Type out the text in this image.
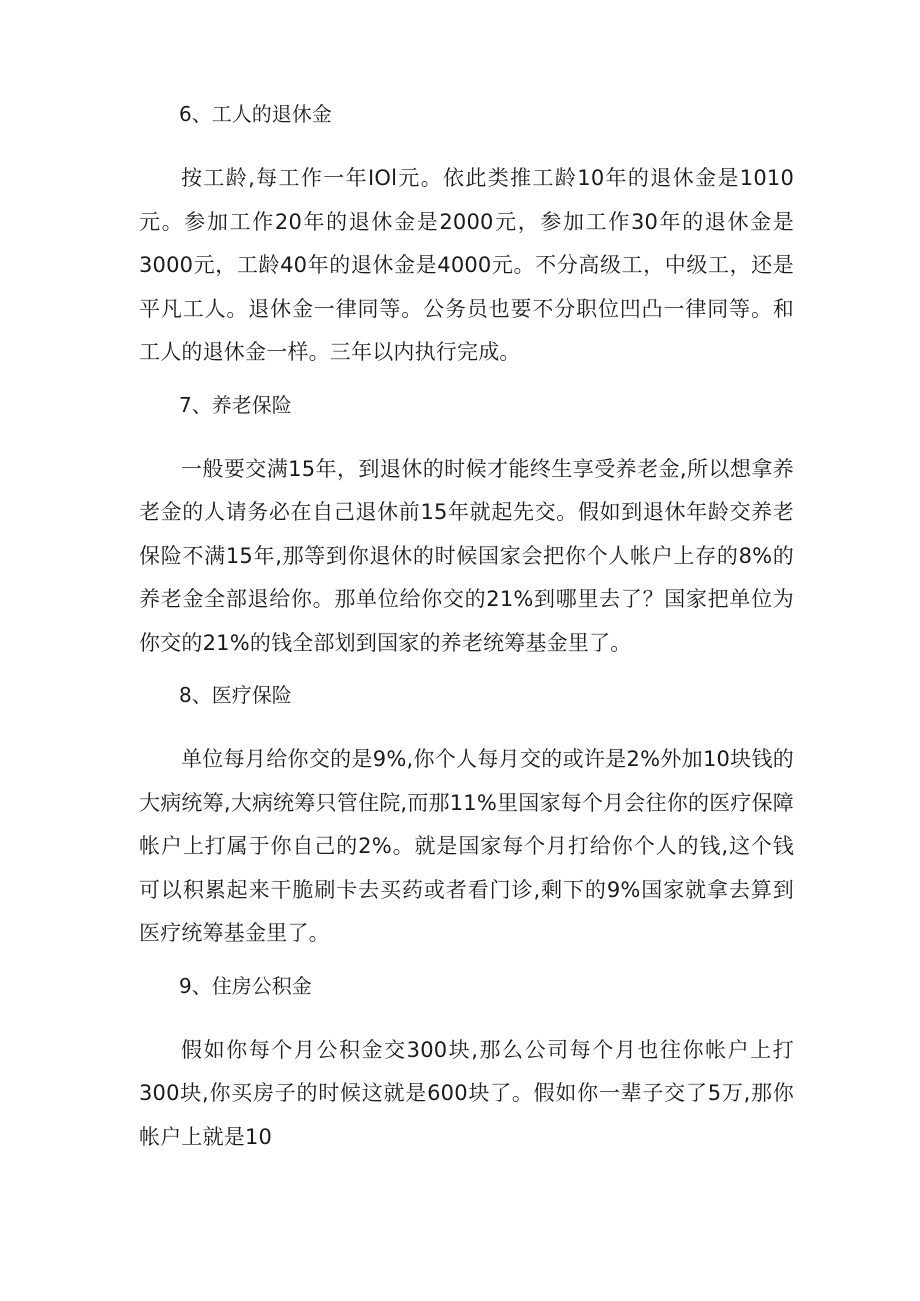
6、工人的退休金

按工龄,每工作一年IOl元。依此类推工龄10年的退休金是1010元。参加工作20年的退休金是2000元，参加工作30年的退休金是3000元，工龄40年的退休金是4000元。不分高级工，中级工，还是平凡工人。退休金一律同等。公务员也要不分职位凹凸一律同等。和工人的退休金一样。三年以内执行完成。

7、养老保险

一般要交满15年，到退休的时候才能终生享受养老金,所以想拿养老金的人请务必在自己退休前15年就起先交。假如到退休年龄交养老保险不满15年,那等到你退休的时候国家会把你个人帐户上存的8%的养老金全部退给你。那单位给你交的21%到哪里去了？国家把单位为你交的21%的钱全部划到国家的养老统筹基金里了。

8、医疗保险

单位每月给你交的是9%,你个人每月交的或许是2%外加10块钱的大病统筹,大病统筹只管住院,而那11%里国家每个月会往你的医疗保障帐户上打属于你自己的2%。就是国家每个月打给你个人的钱,这个钱可以积累起来干脆刷卡去买药或者看门诊,剩下的9%国家就拿去算到医疗统筹基金里了。

9、住房公积金

假如你每个月公积金交300块,那么公司每个月也往你帐户上打300块,你买房子的时候这就是600块了。假如你一辈子交了5万,那你帐户上就是10
